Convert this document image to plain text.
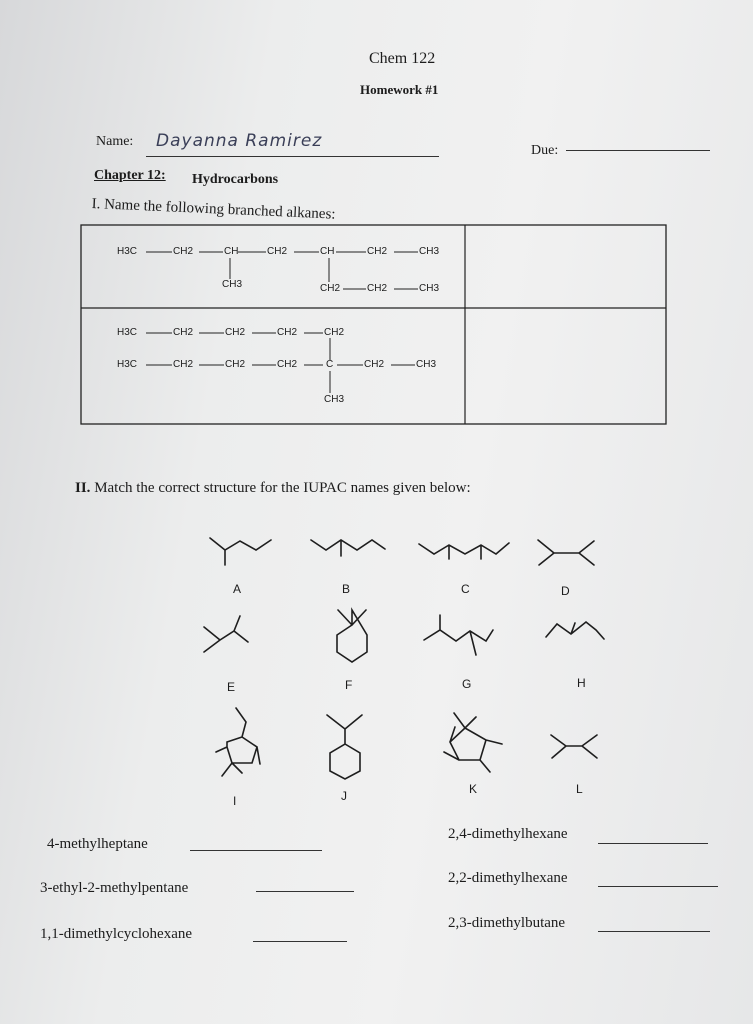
Chem 122
Homework #1
Name: Dayanna Ramirez	Due:
Chapter 12: Hydrocarbons
I. Name the following branched alkanes:
H3C	CH2	CH	CH2	CH	CH2	CH3
CH3	CH2	CH2	CH3
H3C	CH2	CH2	CH2	CH2
H3C	CH2	CH2	CH2	C	CH2	CH3
CH3
II. Match the correct structure for the IUPAC names given below:
A	B	C	D
E	F	G	H
I	J	K	L
4-methylheptane
3-ethyl-2-methylpentane
1,1-dimethylcyclohexane
2,4-dimethylhexane
2,2-dimethylhexane
2,3-dimethylbutane
